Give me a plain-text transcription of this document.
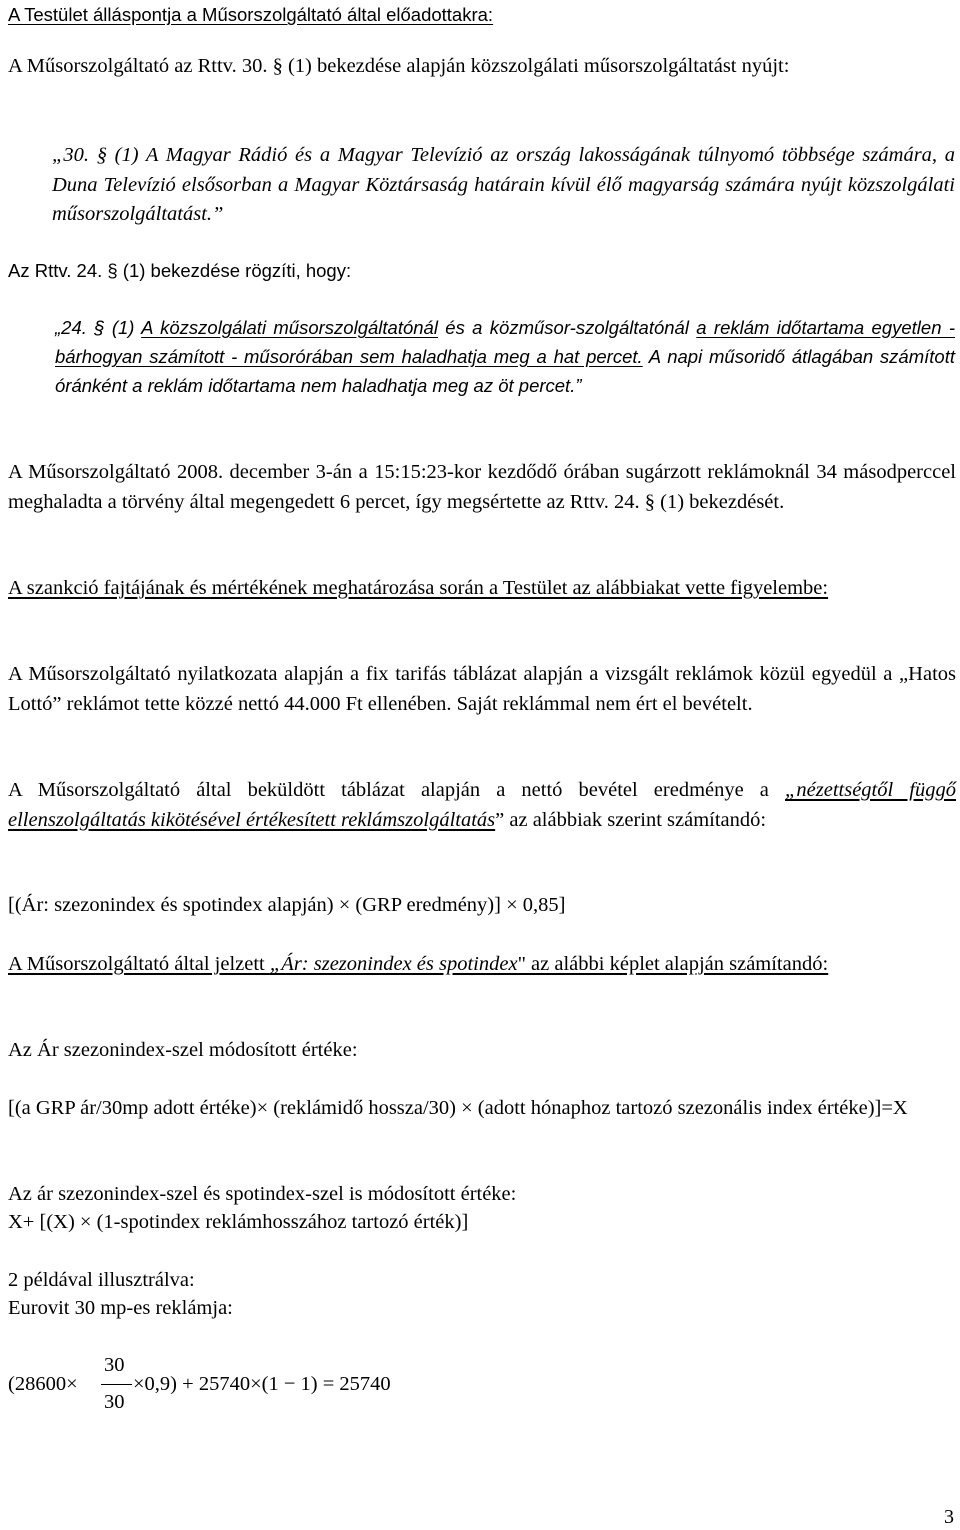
A Testület álláspontja a Műsorszolgáltató által előadottakra:
A Műsorszolgáltató az Rttv. 30. § (1) bekezdése alapján közszolgálati műsorszolgáltatást nyújt:
„30. § (1) A Magyar Rádió és a Magyar Televízió az ország lakosságának túlnyomó többsége számára, a Duna Televízió elsősorban a Magyar Köztársaság határain kívül élő magyarság számára nyújt közszolgálati műsorszolgáltatást.”
Az Rttv. 24. § (1) bekezdése rögzíti, hogy:
„24. § (1) A közszolgálati műsorszolgáltatónál és a közműsor-szolgáltatónál a reklám időtartama egyetlen - bárhogyan számított - műsorórában sem haladhatja meg a hat percet. A napi műsoridő átlagában számított óránként a reklám időtartama nem haladhatja meg az öt percet.”
A Műsorszolgáltató 2008. december 3-án a 15:15:23-kor kezdődő órában sugárzott reklámoknál 34 másodperccel meghaladta a törvény által megengedett 6 percet, így megsértette az Rttv. 24. § (1) bekezdését.
A szankció fajtájának és mértékének meghatározása során a Testület az alábbiakat vette figyelembe:
A Műsorszolgáltató nyilatkozata alapján a fix tarifás táblázat alapján a vizsgált reklámok közül egyedül a „Hatos Lottó” reklámot tette közzé nettó 44.000 Ft ellenében. Saját reklámmal nem ért el bevételt.
A Műsorszolgáltató által beküldött táblázat alapján a nettó bevétel eredménye a „nézettségtől függő ellenszolgáltatás kikötésével értékesített reklámszolgáltatás” az alábbiak szerint számítandó:
[(Ár: szezonindex és spotindex alapján) × (GRP eredmény)] × 0,85]
A Műsorszolgáltató által jelzett „Ár: szezonindex és spotindex" az alábbi képlet alapján számítandó:
Az Ár szezonindex-szel módosított értéke:
[(a GRP ár/30mp adott értéke)× (reklámidő hossza/30) × (adott hónaphoz tartozó szezonális index értéke)]=X
Az ár szezonindex-szel és spotindex-szel is módosított értéke:
X+ [(X) × (1-spotindex reklámhosszához tartozó érték)]
2 példával illusztrálva:
Eurovit 30 mp-es reklámja:
(28600×
30
30
×0,9) + 25740×(1 − 1) = 25740
3
